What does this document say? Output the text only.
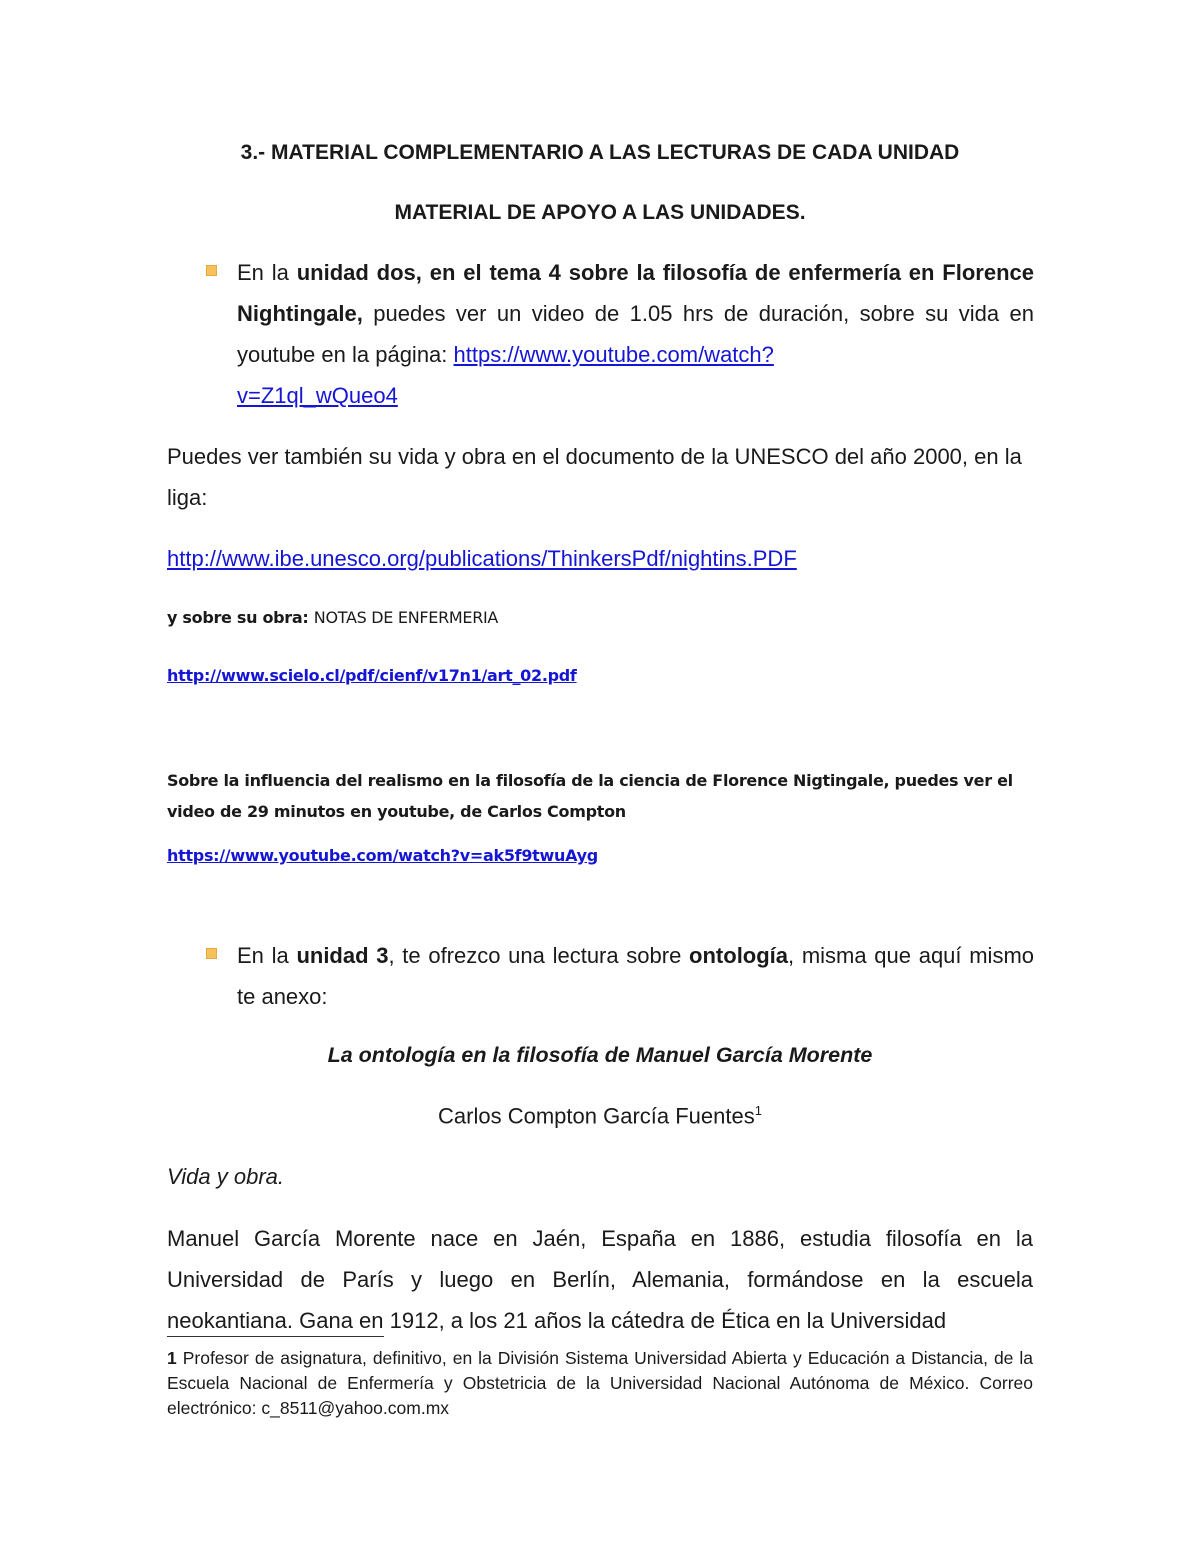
3.- MATERIAL COMPLEMENTARIO A LAS LECTURAS DE CADA UNIDAD
MATERIAL DE APOYO A LAS UNIDADES.
En la unidad dos, en el tema 4 sobre la filosofía de enfermería en Florence Nightingale, puedes ver un video de 1.05 hrs de duración, sobre su vida en youtube en la página: https://www.youtube.com/watch?
v=Z1ql_wQueo4
Puedes ver también su vida y obra en el documento de la UNESCO del año 2000, en la liga:
http://www.ibe.unesco.org/publications/ThinkersPdf/nightins.PDF
y sobre su obra: NOTAS DE ENFERMERIA
http://www.scielo.cl/pdf/cienf/v17n1/art_02.pdf
Sobre la influencia del realismo en la filosofía de la ciencia de Florence Nigtingale, puedes ver el video de 29 minutos en youtube, de Carlos Compton
https://www.youtube.com/watch?v=ak5f9twuAyg
En la unidad 3, te ofrezco una lectura sobre ontología, misma que aquí mismo te anexo:
La ontología en la filosofía de Manuel García Morente
Carlos Compton García Fuentes$^1$
Vida y obra.
Manuel García Morente nace en Jaén, España en 1886, estudia filosofía en la Universidad de París y luego en Berlín, Alemania, formándose en la escuela neokantiana. Gana en 1912, a los 21 años la cátedra de Ética en la Universidad
1 Profesor de asignatura, definitivo, en la División Sistema Universidad Abierta y Educación a Distancia, de la Escuela Nacional de Enfermería y Obstetricia de la Universidad Nacional Autónoma de México. Correo electrónico: c_8511@yahoo.com.mx
